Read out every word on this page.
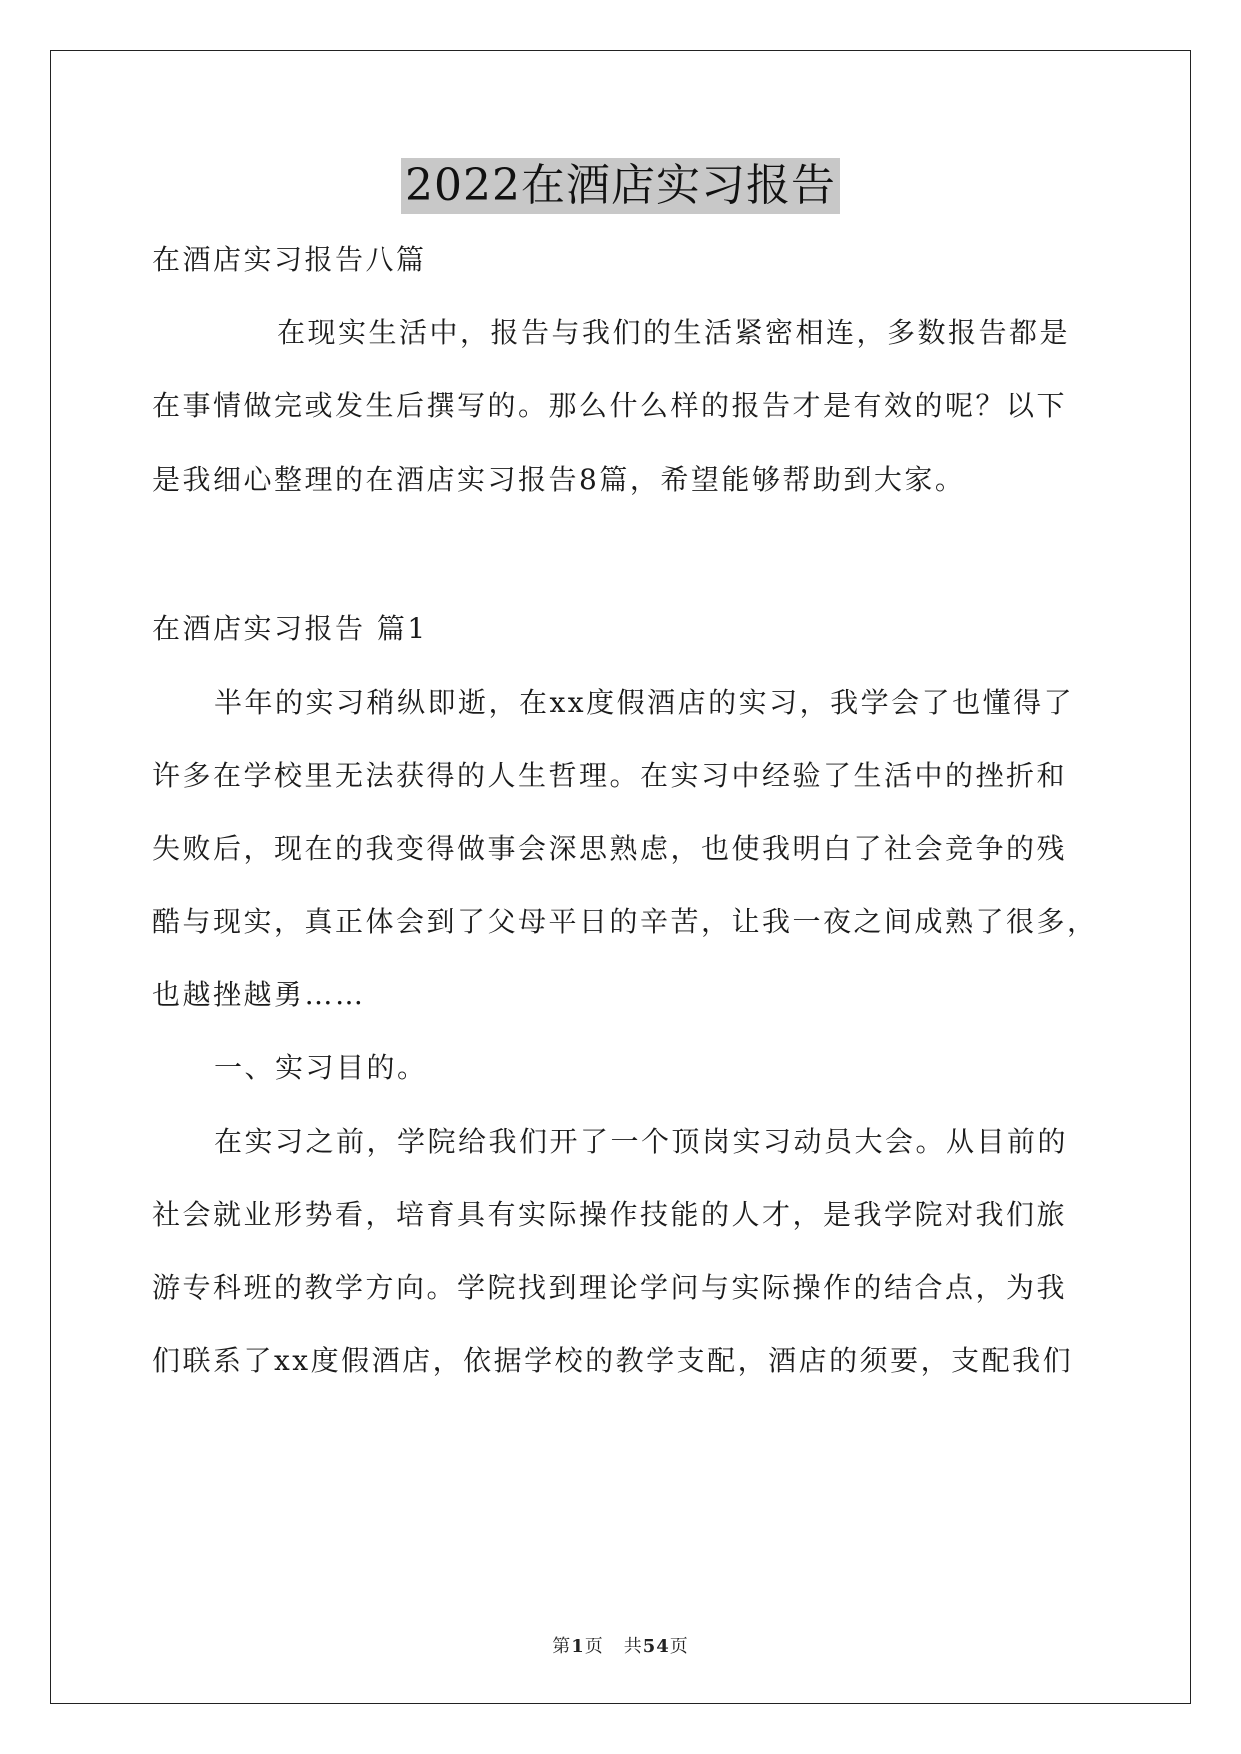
2022在酒店实习报告
在酒店实习报告八篇
在现实生活中，报告与我们的生活紧密相连，多数报告都是
在事情做完或发生后撰写的。那么什么样的报告才是有效的呢？以下
是我细心整理的在酒店实习报告8篇，希望能够帮助到大家。
在酒店实习报告 篇1
半年的实习稍纵即逝，在xx度假酒店的实习，我学会了也懂得了
许多在学校里无法获得的人生哲理。在实习中经验了生活中的挫折和
失败后，现在的我变得做事会深思熟虑，也使我明白了社会竞争的残
酷与现实，真正体会到了父母平日的辛苦，让我一夜之间成熟了很多，
也越挫越勇……
一、实习目的。
在实习之前，学院给我们开了一个顶岗实习动员大会。从目前的
社会就业形势看，培育具有实际操作技能的人才，是我学院对我们旅
游专科班的教学方向。学院找到理论学问与实际操作的结合点，为我
们联系了xx度假酒店，依据学校的教学支配，酒店的须要，支配我们
第1页 共54页
